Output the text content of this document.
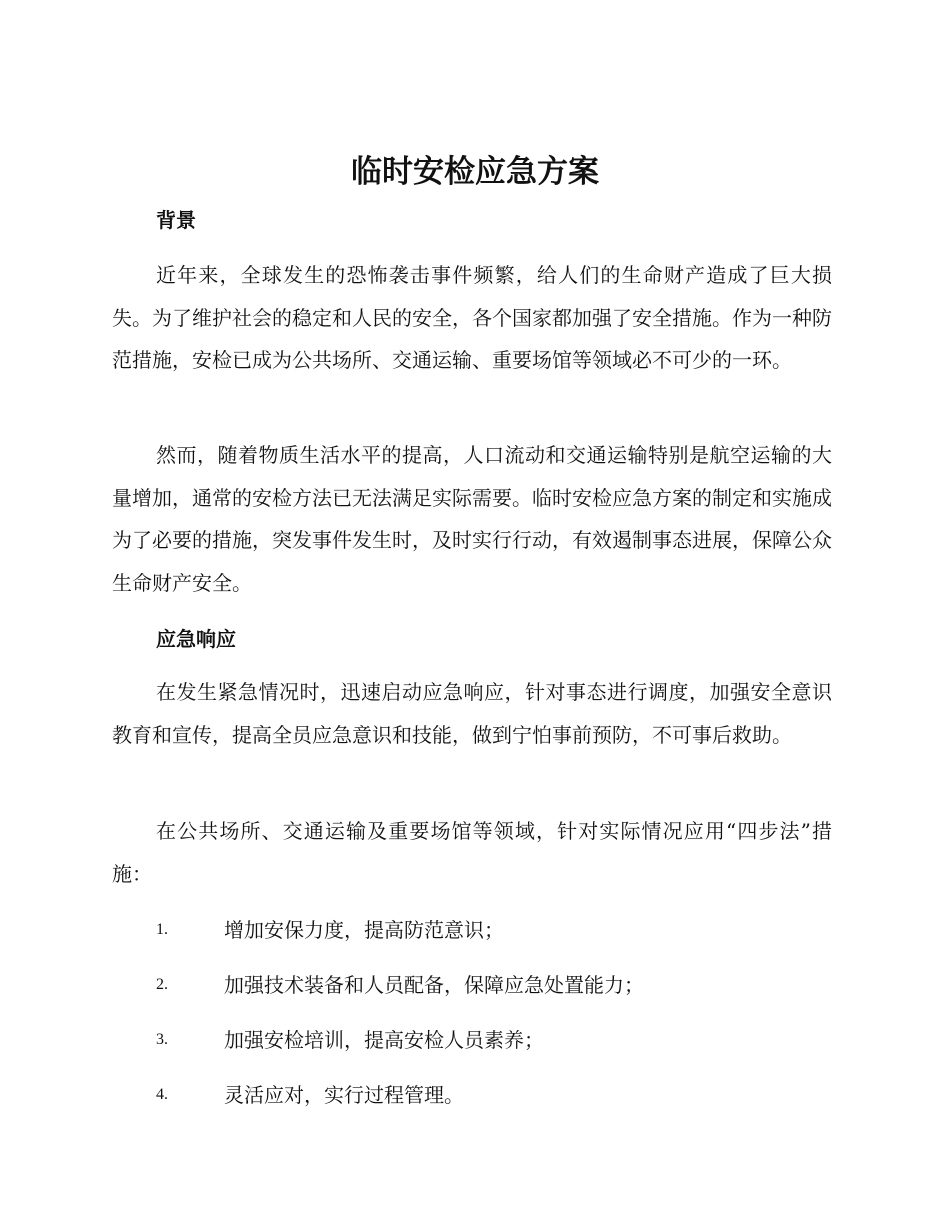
临时安检应急方案
背景

近年来，全球发生的恐怖袭击事件频繁，给人们的生命财产造成了巨大损失。为了维护社会的稳定和人民的安全，各个国家都加强了安全措施。作为一种防范措施，安检已成为公共场所、交通运输、重要场馆等领域必不可少的一环。

然而，随着物质生活水平的提高，人口流动和交通运输特别是航空运输的大量增加，通常的安检方法已无法满足实际需要。临时安检应急方案的制定和实施成为了必要的措施，突发事件发生时，及时实行行动，有效遏制事态进展，保障公众生命财产安全。

应急响应

在发生紧急情况时，迅速启动应急响应，针对事态进行调度，加强安全意识教育和宣传，提高全员应急意识和技能，做到宁怕事前预防，不可事后救助。

在公共场所、交通运输及重要场馆等领域，针对实际情况应用“四步法”措施：

1.	增加安保力度，提高防范意识；
2.	加强技术装备和人员配备，保障应急处置能力；
3.	加强安检培训，提高安检人员素养；
4.	灵活应对，实行过程管理。
